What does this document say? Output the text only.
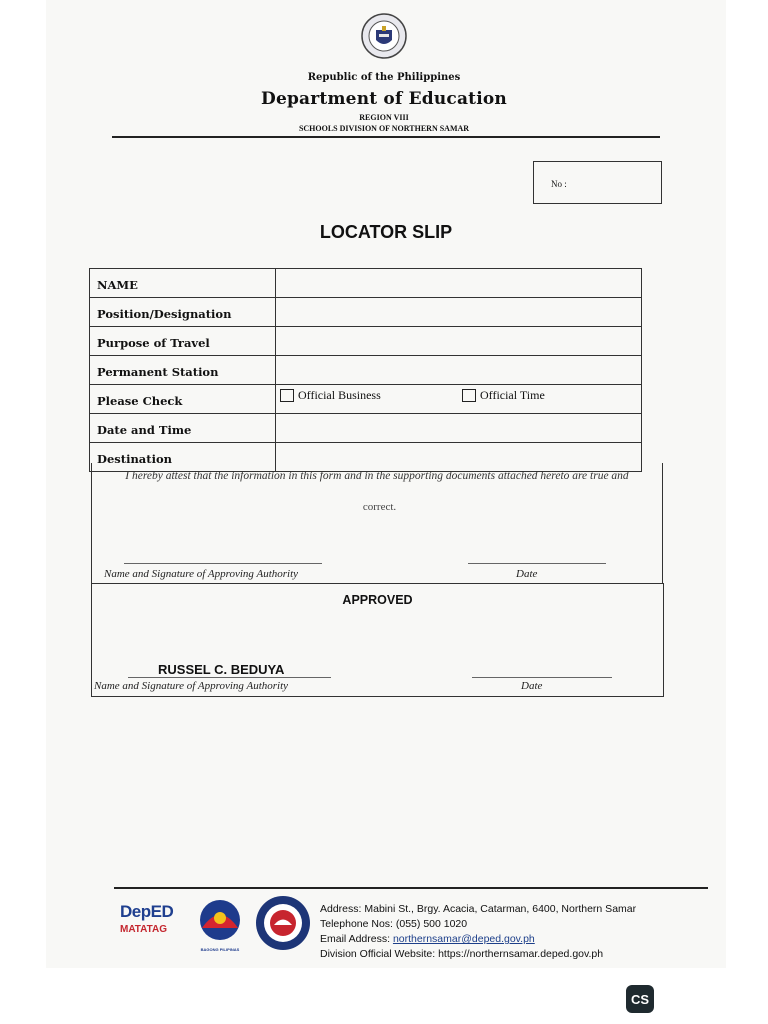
Republic of the Philippines
Department of Education
REGION VIII
SCHOOLS DIVISION OF NORTHERN SAMAR
No :
LOCATOR SLIP
NAME
Position/Designation
Purpose of Travel
Permanent Station
Please Check	Official Business	Official Time
Date and Time
Destination
I hereby attest that the information in this form and in the supporting documents attached hereto are true and
correct.
Name and Signature of Approving Authority	Date
APPROVED
RUSSEL C. BEDUYA
Name and Signature of Approving Authority	Date
DepED
MATATAG
BAGONG PILIPINAS
Address: Mabini St., Brgy. Acacia, Catarman, 6400, Northern Samar
Telephone Nos: (055) 500 1020
Email Address: northernsamar@deped.gov.ph
Division Official Website: https://northernsamar.deped.gov.ph
CS
